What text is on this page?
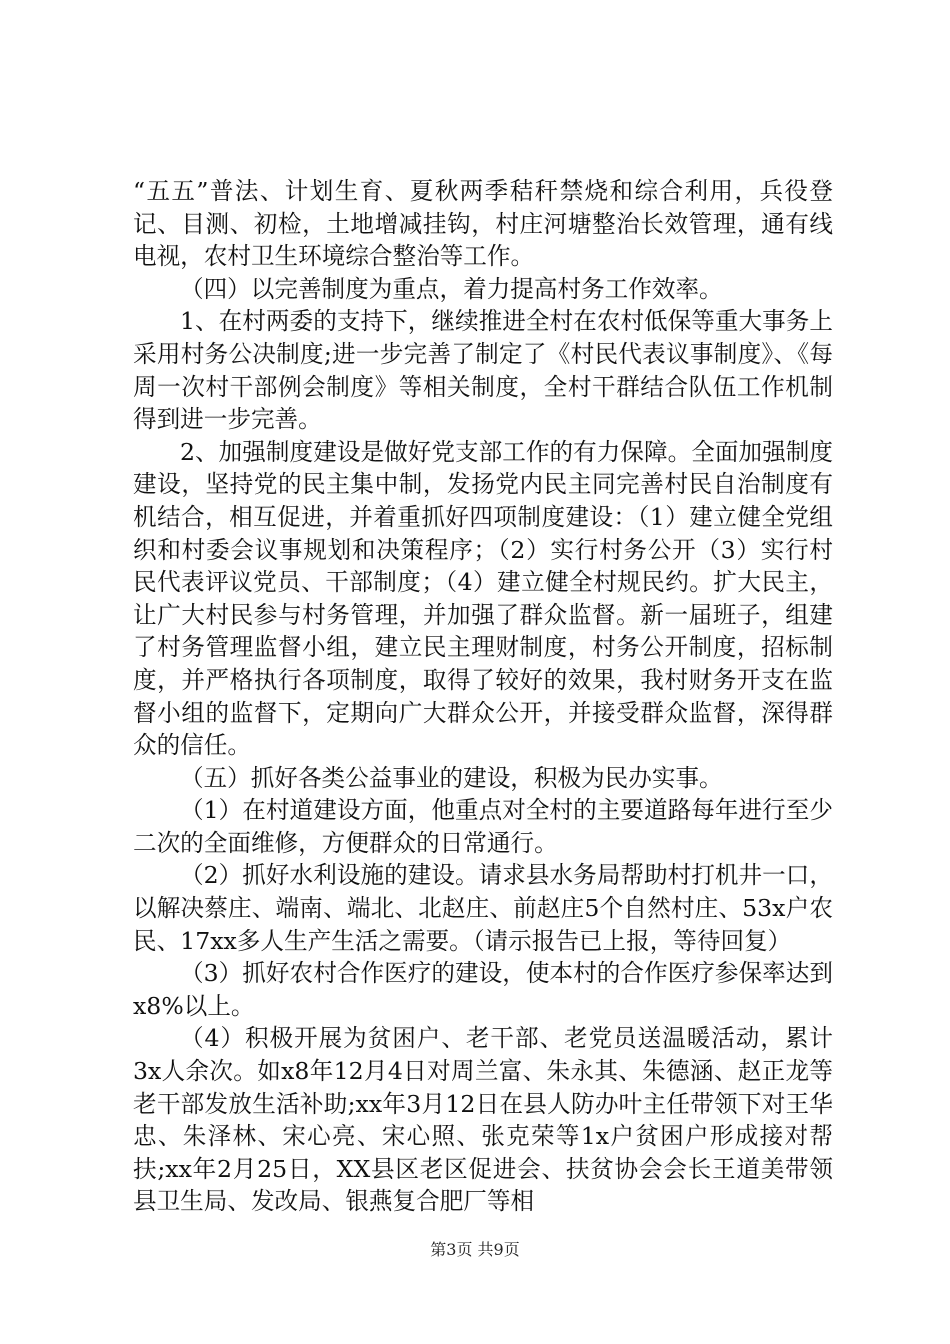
“五五”普法、计划生育、夏秋两季秸秆禁烧和综合利用，兵役登记、目测、初检，土地增减挂钩，村庄河塘整治长效管理，通有线电视，农村卫生环境综合整治等工作。

（四）以完善制度为重点，着力提高村务工作效率。

1、在村两委的支持下，继续推进全村在农村低保等重大事务上采用村务公决制度;进一步完善了制定了《村民代表议事制度》、《每周一次村干部例会制度》等相关制度，全村干群结合队伍工作机制得到进一步完善。

2、加强制度建设是做好党支部工作的有力保障。全面加强制度建设，坚持党的民主集中制，发扬党内民主同完善村民自治制度有机结合，相互促进，并着重抓好四项制度建设：（1）建立健全党组织和村委会议事规划和决策程序；（2）实行村务公开（3）实行村民代表评议党员、干部制度；（4）建立健全村规民约。扩大民主，让广大村民参与村务管理，并加强了群众监督。新一届班子，组建了村务管理监督小组，建立民主理财制度，村务公开制度，招标制度，并严格执行各项制度，取得了较好的效果，我村财务开支在监督小组的监督下，定期向广大群众公开，并接受群众监督，深得群众的信任。

（五）抓好各类公益事业的建设，积极为民办实事。

（1）在村道建设方面，他重点对全村的主要道路每年进行至少二次的全面维修，方便群众的日常通行。

（2）抓好水利设施的建设。请求县水务局帮助村打机井一口，以解决蔡庄、端南、端北、北赵庄、前赵庄5个自然村庄、53x户农民、17xx多人生产生活之需要。（请示报告已上报，等待回复）

（3）抓好农村合作医疗的建设，使本村的合作医疗参保率达到x8%以上。

（4）积极开展为贫困户、老干部、老党员送温暖活动，累计3x人余次。如x8年12月4日对周兰富、朱永其、朱德涵、赵正龙等老干部发放生活补助;xx年3月12日在县人防办叶主任带领下对王华忠、朱泽林、宋心亮、宋心照、张克荣等1x户贫困户形成接对帮扶;xx年2月25日，XX县区老区促进会、扶贫协会会长王道美带领县卫生局、发改局、银燕复合肥厂等相

第3页 共9页
